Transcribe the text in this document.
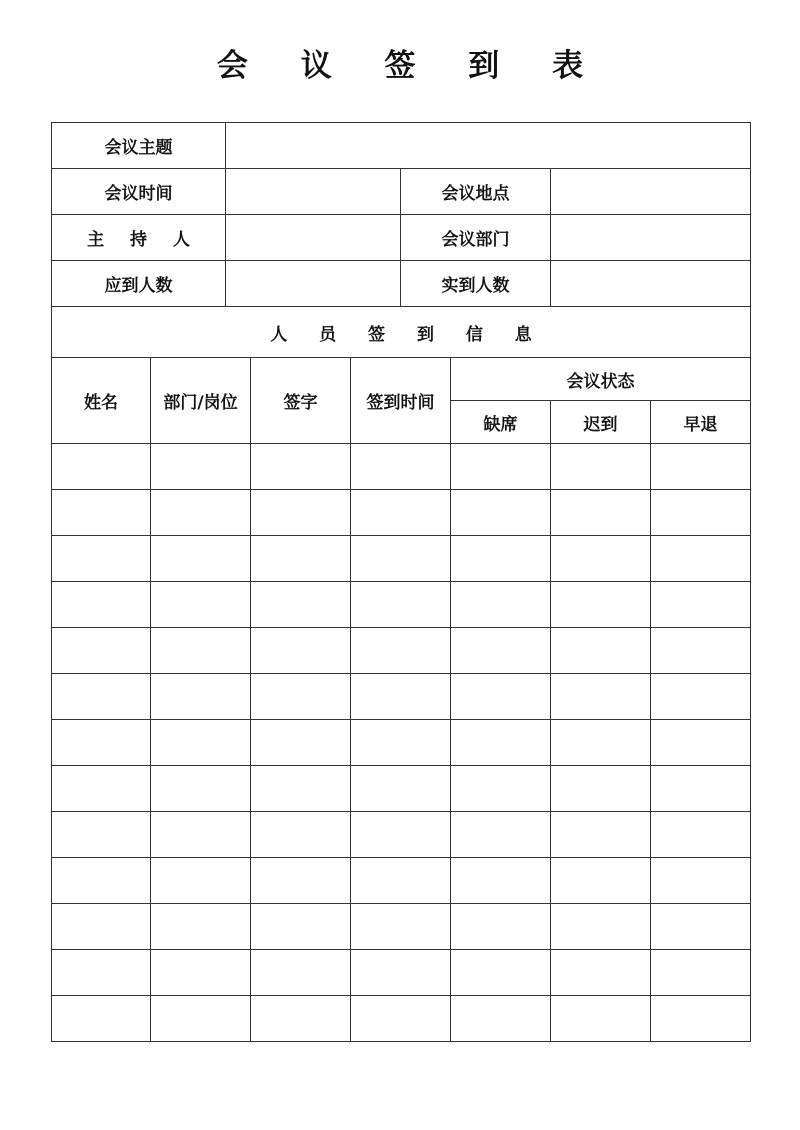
会 议 签 到 表
会议主题								
会议时间					会议地点			
主 持 人					会议部门			
应到人数					实到人数			
人 员 签 到 信 息								
姓名	部门/岗位		签字	签到时间		会议状态		
						缺席	迟到	早退
